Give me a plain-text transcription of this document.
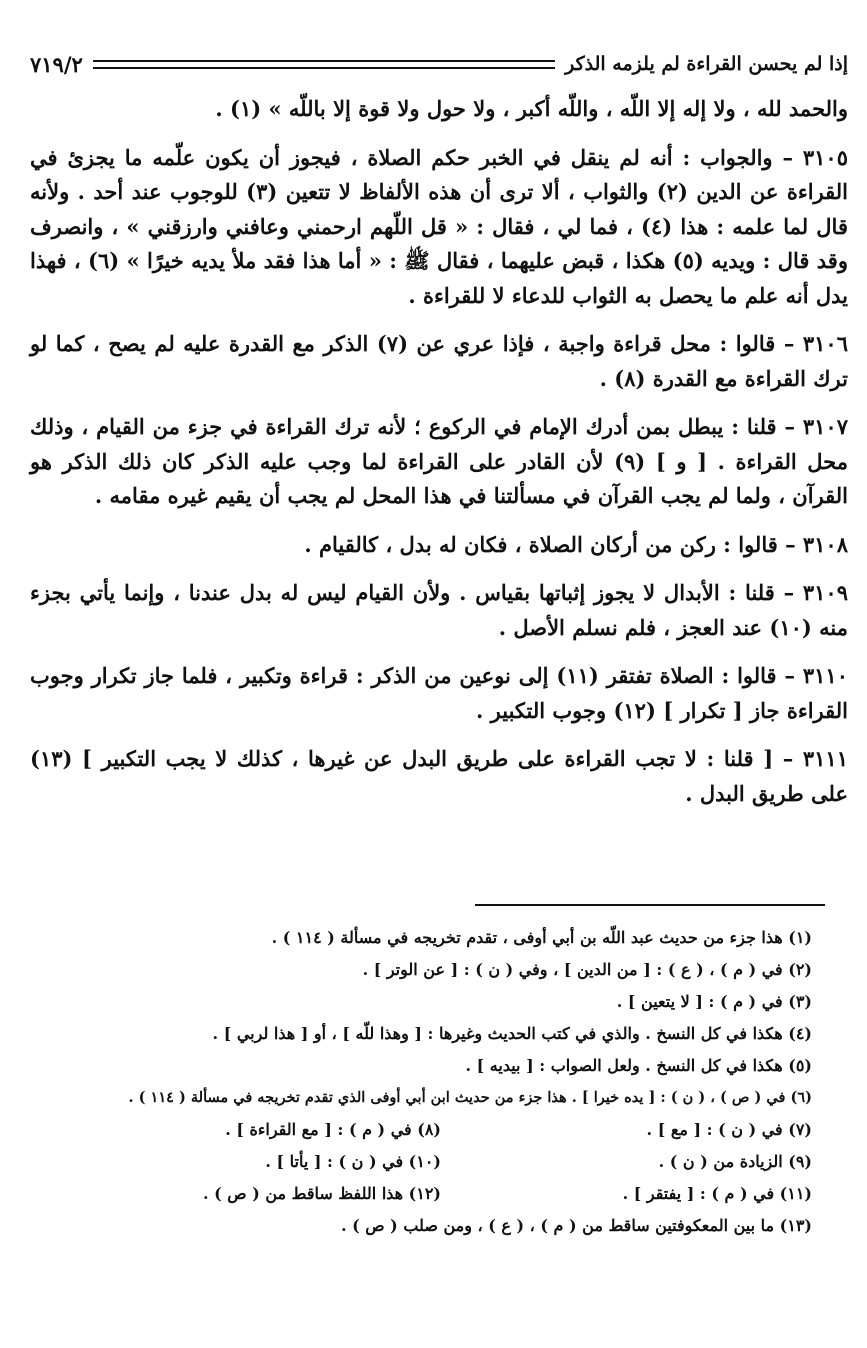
إذا لم يحسن القراءة لم يلزمه الذكر
٧١٩/٢

والحمد لله ، ولا إله إلا اللّه ، واللّه أكبر ، ولا حول ولا قوة إلا باللّه » (١) .

٣١٠٥ – والجواب : أنه لم ينقل في الخبر حكم الصلاة ، فيجوز أن يكون علّمه ما يجزئ في القراءة عن الدين (٢) والثواب ، ألا ترى أن هذه الألفاظ لا تتعين (٣) للوجوب عند أحد . ولأنه قال لما علمه : هذا (٤) ، فما لي ، فقال : « قل اللّهم ارحمني وعافني وارزقني » ، وانصرف وقد قال : ويديه (٥) هكذا ، قبض عليهما ، فقال ﷺ : « أما هذا فقد ملأ يديه خيرًا » (٦) ، فهذا يدل أنه علم ما يحصل به الثواب للدعاء لا للقراءة .

٣١٠٦ – قالوا : محل قراءة واجبة ، فإذا عري عن (٧) الذكر مع القدرة عليه لم يصح ، كما لو ترك القراءة مع القدرة (٨) .

٣١٠٧ – قلنا : يبطل بمن أدرك الإمام في الركوع ؛ لأنه ترك القراءة في جزء من القيام ، وذلك محل القراءة . [ و ] (٩) لأن القادر على القراءة لما وجب عليه الذكر كان ذلك الذكر هو القرآن ، ولما لم يجب القرآن في مسألتنا في هذا المحل لم يجب أن يقيم غيره مقامه .

٣١٠٨ – قالوا : ركن من أركان الصلاة ، فكان له بدل ، كالقيام .

٣١٠٩ – قلنا : الأبدال لا يجوز إثباتها بقياس . ولأن القيام ليس له بدل عندنا ، وإنما يأتي بجزء منه (١٠) عند العجز ، فلم نسلم الأصل .

٣١١٠ – قالوا : الصلاة تفتقر (١١) إلى نوعين من الذكر : قراءة وتكبير ، فلما جاز تكرار وجوب القراءة جاز [ تكرار ] (١٢) وجوب التكبير .

٣١١١ – [ قلنا : لا تجب القراءة على طريق البدل عن غيرها ، كذلك لا يجب التكبير ] (١٣) على طريق البدل .

(١) هذا جزء من حديث عبد اللّه بن أبي أوفى ، تقدم تخريجه في مسألة ( ١١٤ ) .
(٢) في ( م ) ، ( ع ) : [ من الدين ] ، وفي ( ن ) : [ عن الوتر ] .
(٣) في ( م ) : [ لا يتعين ] .
(٤) هكذا في كل النسخ . والذي في كتب الحديث وغيرها : [ وهذا للّه ] ، أو [ هذا لربي ] .
(٥) هكذا في كل النسخ . ولعل الصواب : [ بيديه ] .
(٦) في ( ص ) ، ( ن ) : [ يده خيرا ] . هذا جزء من حديث ابن أبي أوفى الذي تقدم تخريجه في مسألة ( ١١٤ ) .
(٧) في ( ن ) : [ مع ] .
(٨) في ( م ) : [ مع القراءة ] .
(٩) الزيادة من ( ن ) .
(١٠) في ( ن ) : [ يأتا ] .
(١١) في ( م ) : [ يفتقر ] .
(١٢) هذا اللفظ ساقط من ( ص ) .
(١٣) ما بين المعكوفتين ساقط من ( م ) ، ( ع ) ، ومن صلب ( ص ) .
